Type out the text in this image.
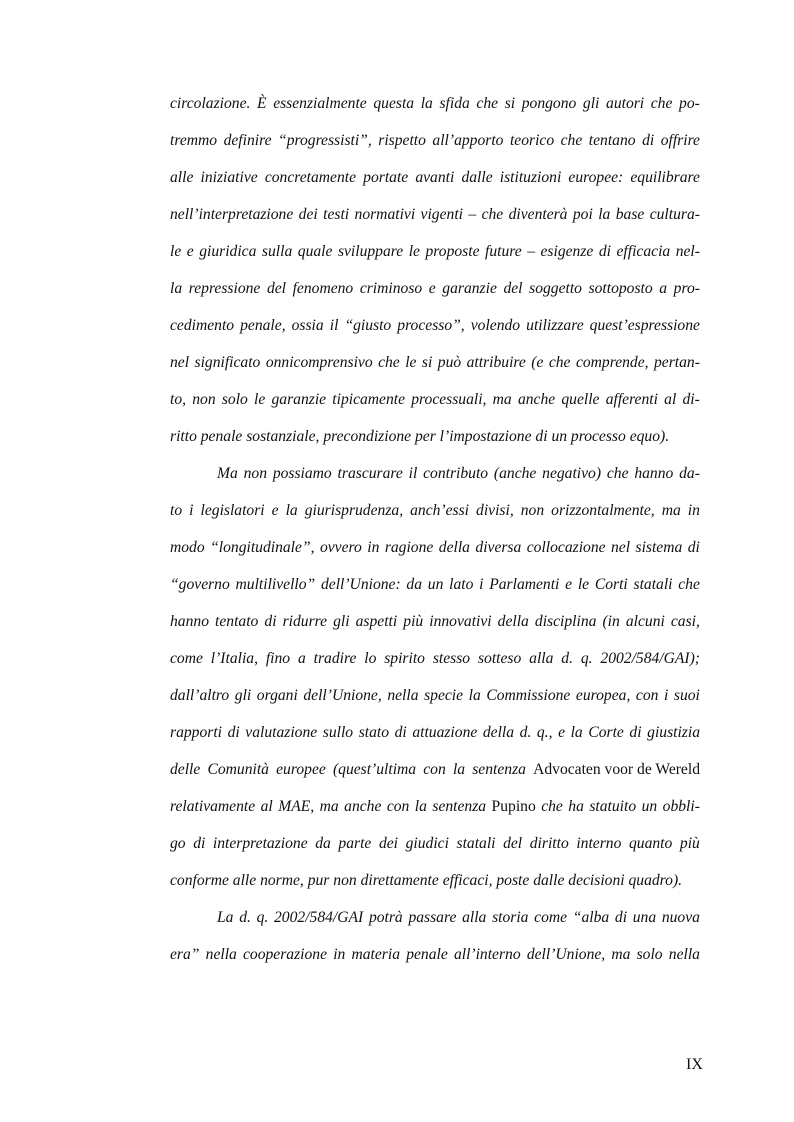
circolazione. È essenzialmente questa la sfida che si pongono gli autori che po-
tremmo definire “progressisti”, rispetto all’apporto teorico che tentano di offrire
alle iniziative concretamente portate avanti dalle istituzioni europee: equilibrare
nell’interpretazione dei testi normativi vigenti – che diventerà poi la base cultura-
le e giuridica sulla quale sviluppare le proposte future – esigenze di efficacia nel-
la repressione del fenomeno criminoso e garanzie del soggetto sottoposto a pro-
cedimento penale, ossia il “giusto processo”, volendo utilizzare quest’espressione
nel significato onnicomprensivo che le si può attribuire (e che comprende, pertan-
to, non solo le garanzie tipicamente processuali, ma anche quelle afferenti al di-
ritto penale sostanziale, precondizione per l’impostazione di un processo equo).
Ma non possiamo trascurare il contributo (anche negativo) che hanno da-
to i legislatori e la giurisprudenza, anch’essi divisi, non orizzontalmente, ma in
modo “longitudinale”, ovvero in ragione della diversa collocazione nel sistema di
“governo multilivello” dell’Unione: da un lato i Parlamenti e le Corti statali che
hanno tentato di ridurre gli aspetti più innovativi della disciplina (in alcuni casi,
come l’Italia, fino a tradire lo spirito stesso sotteso alla d. q. 2002/584/GAI);
dall’altro gli organi dell’Unione, nella specie la Commissione europea, con i suoi
rapporti di valutazione sullo stato di attuazione della d. q., e la Corte di giustizia
delle Comunità europee (quest’ultima con la sentenza Advocaten voor de Wereld
relativamente al MAE, ma anche con la sentenza Pupino che ha statuito un obbli-
go di interpretazione da parte dei giudici statali del diritto interno quanto più
conforme alle norme, pur non direttamente efficaci, poste dalle decisioni quadro).
La d. q. 2002/584/GAI potrà passare alla storia come “alba di una nuova
era” nella cooperazione in materia penale all’interno dell’Unione, ma solo nella
IX
